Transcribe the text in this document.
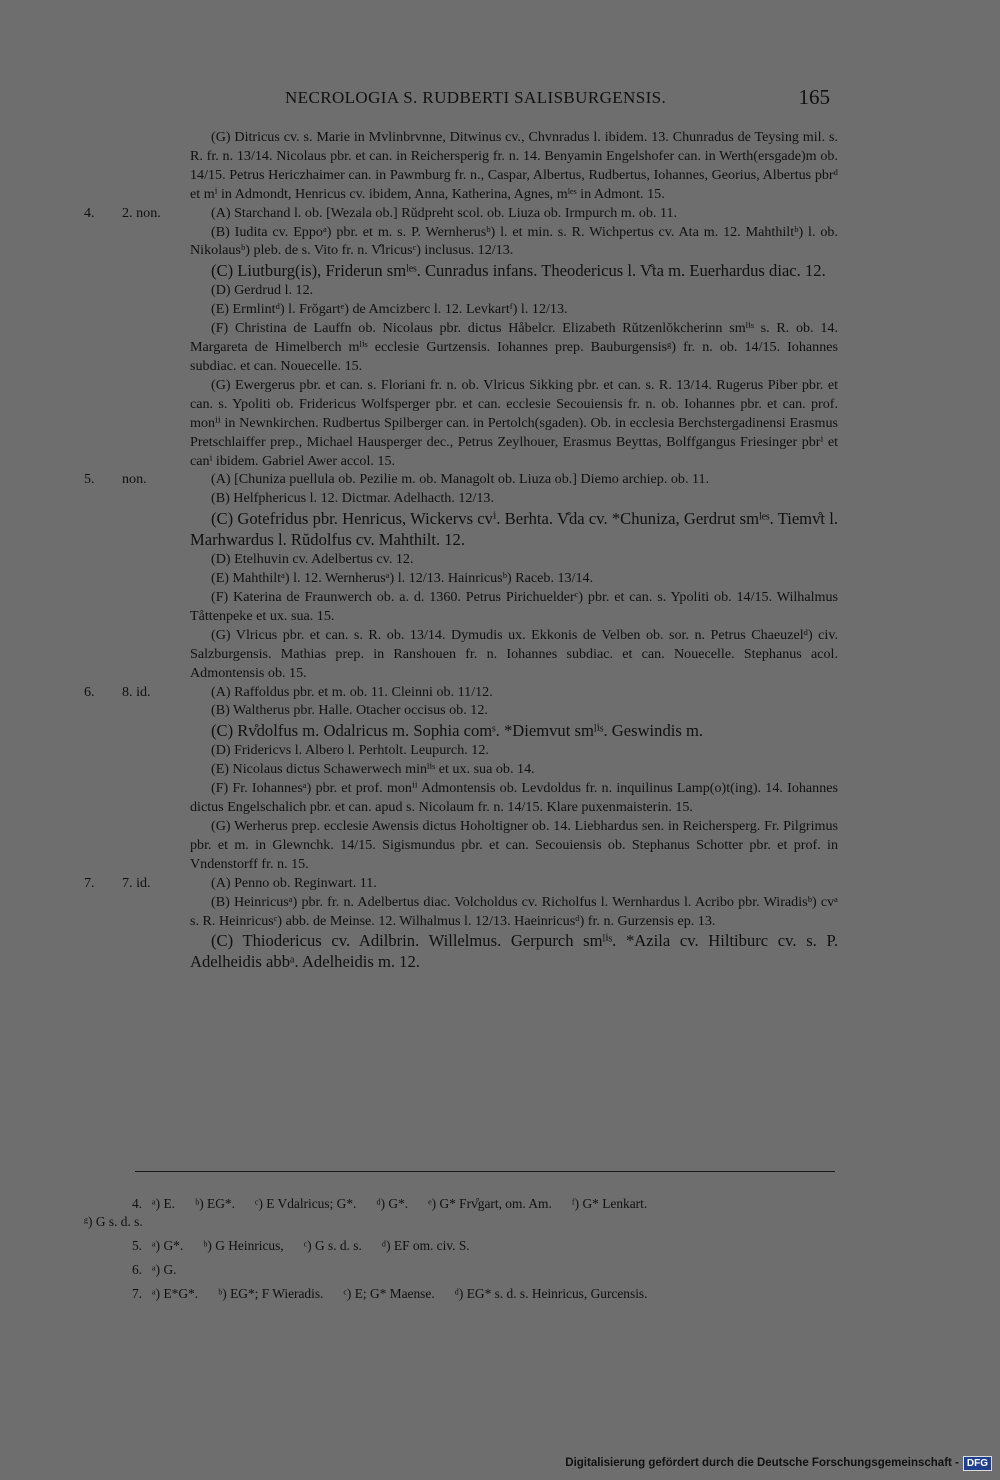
NECROLOGIA S. RUDBERTI SALISBURGENSIS.	165

(G) Ditricus cv. s. Marie in Mvlinbrvnne, Ditwinus cv., Chvnradus l. ibidem. 13. Chunradus de Teysing mil. s. R. fr. n. 13/14. Nicolaus pbr. et can. in Reichersperig fr. n. 14. Benyamin Engelshofer can. in Werth(ersgade)m ob. 14/15. Petrus Hericzhaimer can. in Pawmburg fr. n., Caspar, Albertus, Rudbertus, Iohannes, Georius, Albertus pbrᵈ et mⁱ in Admondt, Henricus cv. ibidem, Anna, Katherina, Agnes, mˡᵉˢ in Admont. 15.

4.	2. non.	(A) Starchand l. ob. [Wezala ob.] Rŭdpreht scol. ob. Liuza ob. Irmpurch m. ob. 11.

(B) Iudita cv. Eppoᵃ) pbr. et m. s. P. Wernherusᵇ) l. et min. s. R. Wichpertus cv. Ata m. 12. Mahthiltᵇ) l. ob. Nikolausᵇ) pleb. de s. Vito fr. n. V̊lricusᶜ) inclusus. 12/13.

(C) Liutburg(is), Friderun smˡᵉˢ. Cunradus infans. Theodericus l. V̊ta m. Euerhardus diac. 12.

(D) Gerdrud l. 12.

(E) Ermlintᵈ) l. Frŏgartᵉ) de Amcizberc l. 12. Levkartᶠ) l. 12/13.

(F) Christina de Lauffn ob. Nicolaus pbr. dictus Håbelcr. Elizabeth Rŭtzenlŏkcherinn smˡⁱˢ s. R. ob. 14. Margareta de Himelberch mˡⁱˢ ecclesie Gurtzensis. Iohannes prep. Bauburgensisᵍ) fr. n. ob. 14/15. Iohannes subdiac. et can. Nouecelle. 15.

(G) Ewergerus pbr. et can. s. Floriani fr. n. ob. Vlricus Sikking pbr. et can. s. R. 13/14. Rugerus Piber pbr. et can. s. Ypoliti ob. Fridericus Wolfsperger pbr. et can. ecclesie Secouiensis fr. n. ob. Iohannes pbr. et can. prof. monⁱⁱ in Newnkirchen. Rudbertus Spilberger can. in Pertolch(sgaden). Ob. in ecclesia Berchstergadinensi Erasmus Pretschlaiffer prep., Michael Hausperger dec., Petrus Zeylhouer, Erasmus Beyttas, Bolffgangus Friesinger pbrⁱ et canⁱ ibidem. Gabriel Awer accol. 15.

5.	non.	(A) [Chuniza puellula ob. Pezilie m. ob. Managolt ob. Liuza ob.] Diemo archiep. ob. 11.

(B) Helfphericus l. 12. Dictmar. Adelhacth. 12/13.

(C) Gotefridus pbr. Henricus, Wickervs cvⁱ. Berhta. V̊da cv. *Chuniza, Gerdrut smˡᵉˢ. Tiemv̊t l. Marhwardus l. Rŭdolfus cv. Mahthilt. 12.

(D) Etelhuvin cv. Adelbertus cv. 12.

(E) Mahthiltᵃ) l. 12. Wernherusᵃ) l. 12/13. Hainricusᵇ) Raceb. 13/14.

(F) Katerina de Fraunwerch ob. a. d. 1360. Petrus Pirichuelderᶜ) pbr. et can. s. Ypoliti ob. 14/15. Wilhalmus Tåttenpeke et ux. sua. 15.

(G) Vlricus pbr. et can. s. R. ob. 13/14. Dymudis ux. Ekkonis de Velben ob. sor. n. Petrus Chaeuzelᵈ) civ. Salzburgensis. Mathias prep. in Ranshouen fr. n. Iohannes subdiac. et can. Nouecelle. Stephanus acol. Admontensis ob. 15.

6.	8. id.	(A) Raffoldus pbr. et m. ob. 11. Cleinni ob. 11/12.

(B) Waltherus pbr. Halle. Otacher occisus ob. 12.

(C) Rv̊dolfus m. Odalricus m. Sophia comˢ. *Diemvut smˡⁱˢ. Geswindis m.

(D) Fridericvs l. Albero l. Perhtolt. Leupurch. 12.

(E) Nicolaus dictus Schawerwech minˡⁱˢ et ux. sua ob. 14.

(F) Fr. Iohannesᵃ) pbr. et prof. monⁱⁱ Admontensis ob. Levdoldus fr. n. inquilinus Lamp(o)t(ing). 14. Iohannes dictus Engelschalich pbr. et can. apud s. Nicolaum fr. n. 14/15. Klare puxenmaisterin. 15.

(G) Werherus prep. ecclesie Awensis dictus Hoholtigner ob. 14. Liebhardus sen. in Reichersperg. Fr. Pilgrimus pbr. et m. in Glewnchk. 14/15. Sigismundus pbr. et can. Secouiensis ob. Stephanus Schotter pbr. et prof. in Vndenstorff fr. n. 15.

7.	7. id.	(A) Penno ob. Reginwart. 11.

(B) Heinricusᵃ) pbr. fr. n. Adelbertus diac. Volcholdus cv. Richolfus l. Wernhardus l. Acribo pbr. Wiradisᵇ) cvᵃ s. R. Heinricusᶜ) abb. de Meinse. 12. Wilhalmus l. 12/13. Haeinricusᵈ) fr. n. Gurzensis ep. 13.

(C) Thiodericus cv. Adilbrin. Willelmus. Gerpurch smˡⁱˢ. *Azila cv. Hiltiburc cv. s. P. Adelheidis abbᵃ. Adelheidis m. 12.

4. ᵃ) E.      ᵇ) EG*.      ᶜ) E Vdalricus; G*.      ᵈ) G*.      ᵉ) G* Frv̊gart, om. Am.      ᶠ) G* Lenkart.
ᵍ) G s. d. s.
5. ᵃ) G*.      ᵇ) G Heinricus,      ᶜ) G s. d. s.      ᵈ) EF om. civ. S.
6. ᵃ) G.
7. ᵃ) E*G*.      ᵇ) EG*; F Wieradis.      ᶜ) E; G* Maense.      ᵈ) EG* s. d. s. Heinricus, Gurcensis.
Digitalisierung gefördert durch die Deutsche Forschungsgemeinschaft - DFG
